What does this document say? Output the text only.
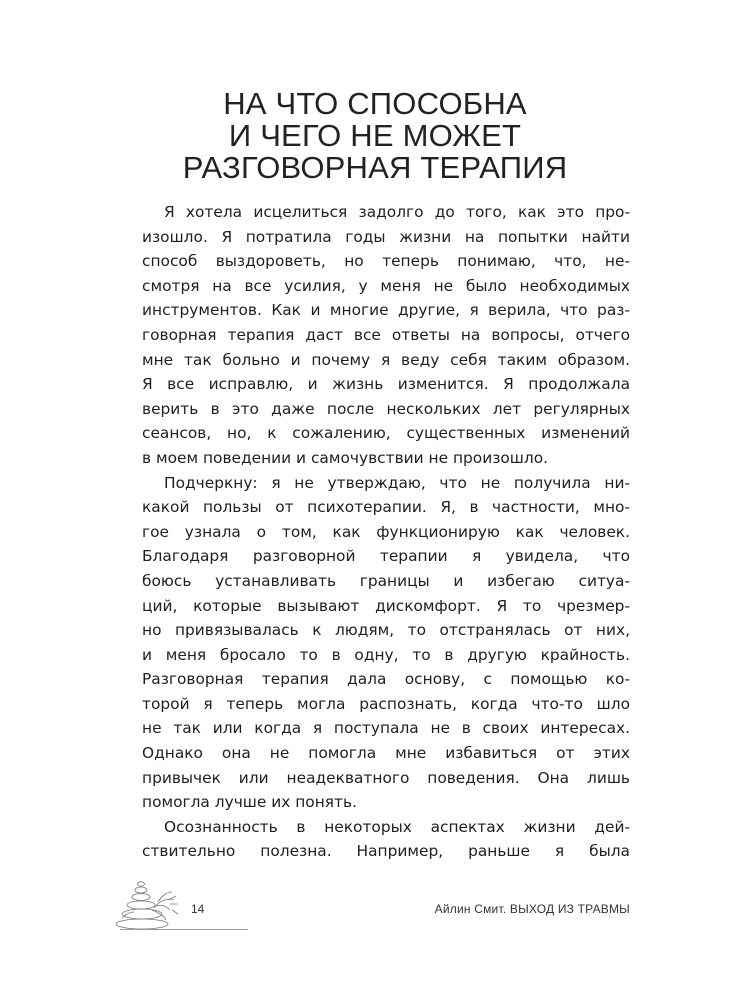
НА ЧТО СПОСОБНА
И ЧЕГО НЕ МОЖЕТ
РАЗГОВОРНАЯ ТЕРАПИЯ
Я хотела исцелиться задолго до того, как это про-
изошло. Я потратила годы жизни на попытки найти
способ выздороветь, но теперь понимаю, что, не-
смотря на все усилия, у меня не было необходимых
инструментов. Как и многие другие, я верила, что раз-
говорная терапия даст все ответы на вопросы, отчего
мне так больно и почему я веду себя таким образом.
Я все исправлю, и жизнь изменится. Я продолжала
верить в это даже после нескольких лет регулярных
сеансов, но, к сожалению, существенных изменений
в моем поведении и самочувствии не произошло.
Подчеркну: я не утверждаю, что не получила ни-
какой пользы от психотерапии. Я, в частности, мно-
гое узнала о том, как функционирую как человек.
Благодаря разговорной терапии я увидела, что
боюсь устанавливать границы и избегаю ситуа-
ций, которые вызывают дискомфорт. Я то чрезмер-
но привязывалась к людям, то отстранялась от них,
и меня бросало то в одну, то в другую крайность.
Разговорная терапия дала основу, с помощью ко-
торой я теперь могла распознать, когда что-то шло
не так или когда я поступала не в своих интересах.
Однако она не помогла мне избавиться от этих
привычек или неадекватного поведения. Она лишь
помогла лучше их понять.
Осознанность в некоторых аспектах жизни дей-
ствительно полезна. Например, раньше я была
14	Айлин Смит. ВЫХОД ИЗ ТРАВМЫ
